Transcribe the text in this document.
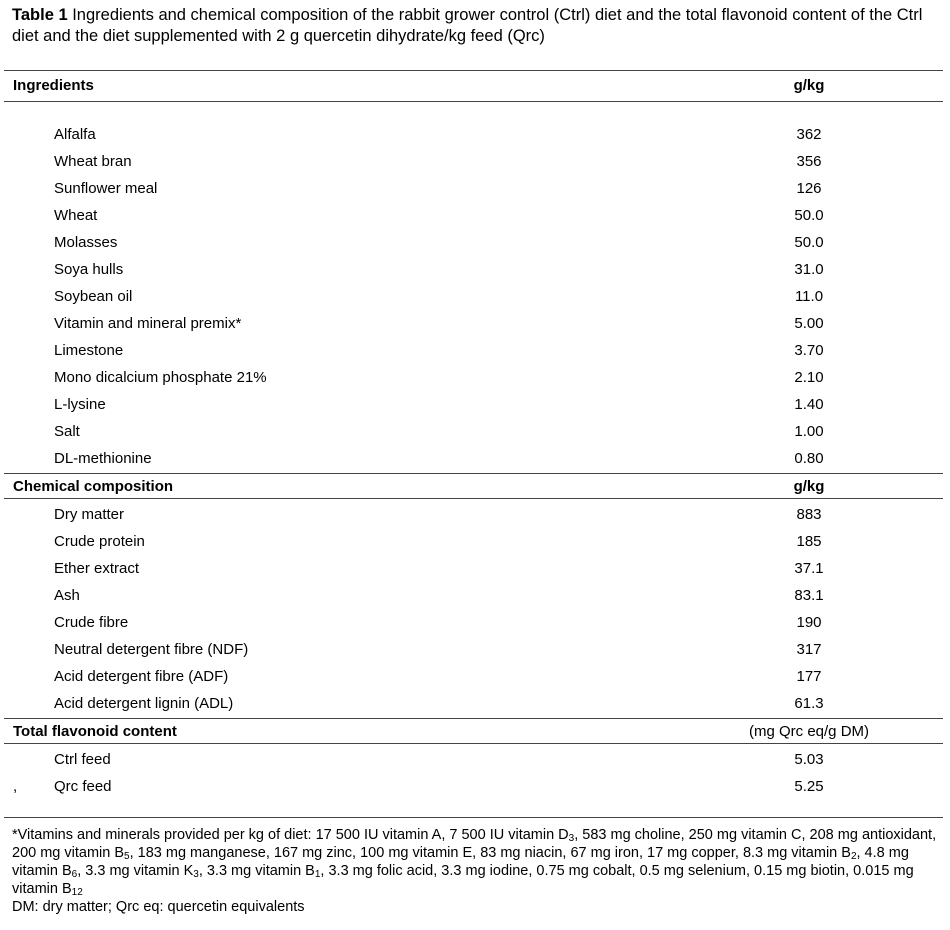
Table 1 Ingredients and chemical composition of the rabbit grower control (Ctrl) diet and the total flavonoid content of the Ctrl diet and the diet supplemented with 2 g quercetin dihydrate/kg feed (Qrc)
Ingredients	g/kg
Alfalfa	362
Wheat bran	356
Sunflower meal	126
Wheat	50.0
Molasses	50.0
Soya hulls	31.0
Soybean oil	11.0
Vitamin and mineral premix*	5.00
Limestone	3.70
Mono dicalcium phosphate 21%	2.10
L-lysine	1.40
Salt	1.00
DL-methionine	0.80
Chemical composition	g/kg
Dry matter	883
Crude protein	185
Ether extract	37.1
Ash	83.1
Crude fibre	190
Neutral detergent fibre (NDF)	317
Acid detergent fibre (ADF)	177
Acid detergent lignin (ADL)	61.3
Total flavonoid content	(mg Qrc eq/g DM)
Ctrl feed	5.03
, Qrc feed	5.25
*Vitamins and minerals provided per kg of diet: 17 500 IU vitamin A, 7 500 IU vitamin $D_3$, 583 mg choline, 250 mg vitamin C, 208 mg antioxidant, 200 mg vitamin $B_5$, 183 mg manganese, 167 mg zinc, 100 mg vitamin E, 83 mg niacin, 67 mg iron, 17 mg copper, 8.3 mg vitamin $B_2$, 4.8 mg vitamin $B_6$, 3.3 mg vitamin $K_3$, 3.3 mg vitamin $B_1$, 3.3 mg folic acid, 3.3 mg iodine, 0.75 mg cobalt, 0.5 mg selenium, 0.15 mg biotin, 0.015 mg vitamin $B_{12}$
DM: dry matter; Qrc eq: quercetin equivalents
